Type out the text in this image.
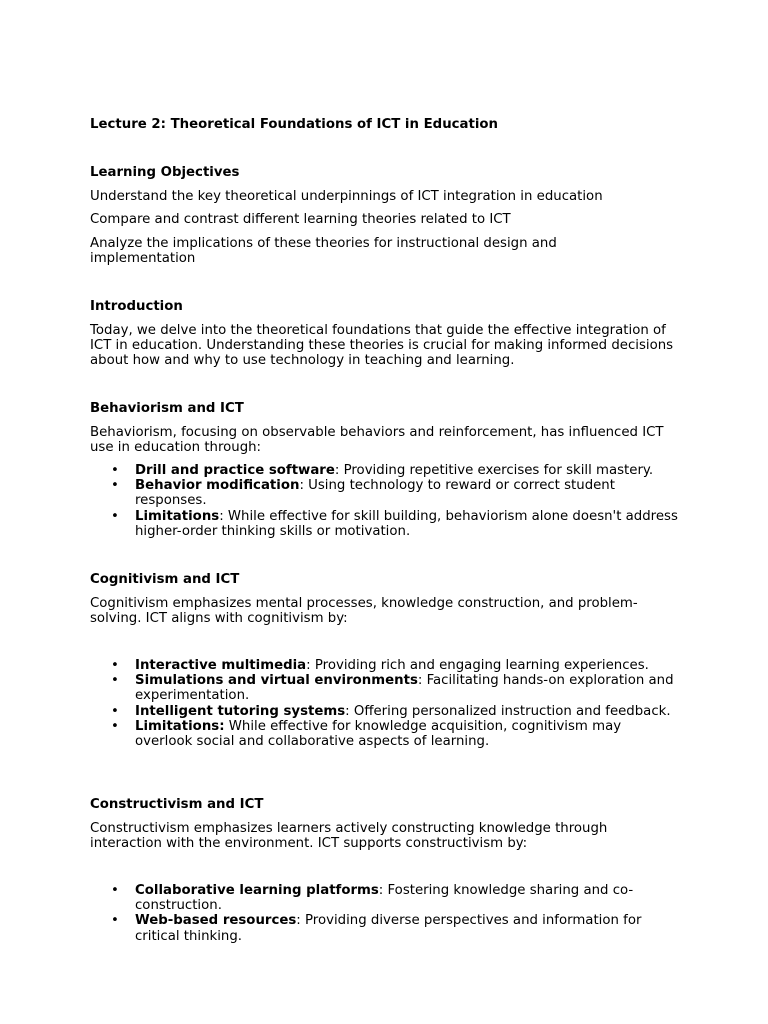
Lecture 2: Theoretical Foundations of ICT in Education
Learning Objectives

Understand the key theoretical underpinnings of ICT integration in education

Compare and contrast different learning theories related to ICT

Analyze the implications of these theories for instructional design and implementation

Introduction

Today, we delve into the theoretical foundations that guide the effective integration of ICT in education. Understanding these theories is crucial for making informed decisions about how and why to use technology in teaching and learning.

Behaviorism and ICT

Behaviorism, focusing on observable behaviors and reinforcement, has influenced ICT use in education through:

• Drill and practice software: Providing repetitive exercises for skill mastery.
• Behavior modification: Using technology to reward or correct student responses.
• Limitations: While effective for skill building, behaviorism alone doesn't address higher-order thinking skills or motivation.
Cognitivism and ICT

Cognitivism emphasizes mental processes, knowledge construction, and problem-solving. ICT aligns with cognitivism by:

• Interactive multimedia: Providing rich and engaging learning experiences.
• Simulations and virtual environments: Facilitating hands-on exploration and experimentation.
• Intelligent tutoring systems: Offering personalized instruction and feedback.
• Limitations: While effective for knowledge acquisition, cognitivism may overlook social and collaborative aspects of learning.
Constructivism and ICT

Constructivism emphasizes learners actively constructing knowledge through interaction with the environment. ICT supports constructivism by:

• Collaborative learning platforms: Fostering knowledge sharing and co-construction.
• Web-based resources: Providing diverse perspectives and information for critical thinking.
